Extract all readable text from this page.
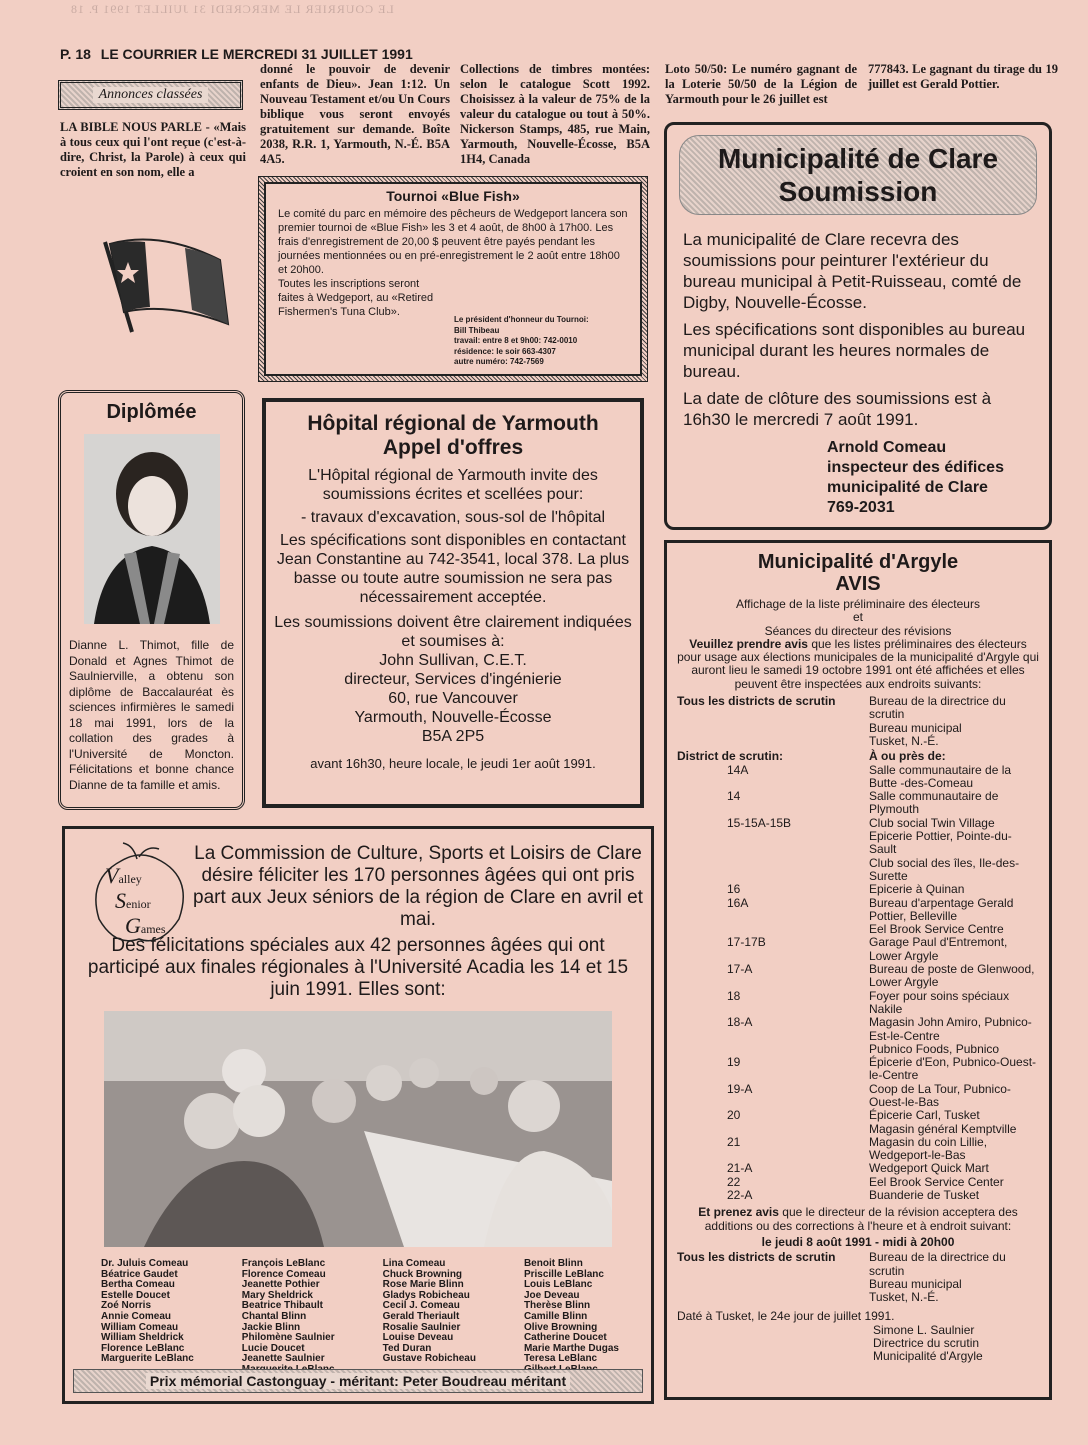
LE COURRIER LE MERCREDI 31 JUILLET 1991 P. 18
P. 18 LE COURRIER LE MERCREDI 31 JUILLET 1991
Annonces classées
LA BIBLE NOUS PARLE - «Mais à tous ceux qui l'ont reçue (c'est-à-dire, Christ, la Parole) à ceux qui croient en son nom, elle a
donné le pouvoir de devenir enfants de Dieu». Jean 1:12. Un Nouveau Testament et/ou Un Cours biblique vous seront envoyés gratuitement sur demande. Boîte 2038, R.R. 1, Yarmouth, N.-É. B5A 4A5.
Collections de timbres montées: selon le catalogue Scott 1992. Choisissez à la valeur de 75% de la valeur du catalogue ou tout à 50%. Nickerson Stamps, 485, rue Main, Yarmouth, Nouvelle-Écosse, B5A 1H4, Canada
Loto 50/50: Le numéro gagnant de la Loterie 50/50 de la Légion de Yarmouth pour le 26 juillet est
777843. Le gagnant du tirage du 19 juillet est Gerald Pottier.
Tournoi «Blue Fish»

Le comité du parc en mémoire des pêcheurs de Wedgeport lancera son premier tournoi de «Blue Fish» les 3 et 4 août, de 8h00 à 17h00. Les frais d'enregistrement de 20,00 $ peuvent être payés pendant les journées mentionnées ou en pré-enregistrement le 2 août entre 18h00 et 20h00.

Toutes les inscriptions seront faites à Wedgeport, au «Retired Fishermen's Tuna Club».

Le président d'honneur du Tournoi:
Bill Thibeau
travail: entre 8 et 9h00: 742-0010
résidence: le soir 663-4307
autre numéro: 742-7569
Municipalité de Clare
Soumission

La municipalité de Clare recevra des soumissions pour peinturer l'extérieur du bureau municipal à Petit-Ruisseau, comté de Digby, Nouvelle-Écosse.

Les spécifications sont disponibles au bureau municipal durant les heures normales de bureau.

La date de clôture des soumissions est à 16h30 le mercredi 7 août 1991.

Arnold Comeau
inspecteur des édifices
municipalité de Clare
769-2031
Diplômée

Dianne L. Thimot, fille de Donald et Agnes Thimot de Saulnierville, a obtenu son diplôme de Baccalauréat ès sciences infirmières le samedi 18 mai 1991, lors de la collation des grades à l'Université de Moncton. Félicitations et bonne chance Dianne de ta famille et amis.

Hôpital régional de Yarmouth
Appel d'offres

L'Hôpital régional de Yarmouth invite des soumissions écrites et scellées pour:

- travaux d'excavation, sous-sol de l'hôpital

Les spécifications sont disponibles en contactant Jean Constantine au 742-3541, local 378. La plus basse ou toute autre soumission ne sera pas nécessairement acceptée.

Les soumissions doivent être clairement indiquées et soumises à:

John Sullivan, C.E.T.
directeur, Services d'ingénierie
60, rue Vancouver
Yarmouth, Nouvelle-Écosse
B5A 2P5

avant 16h30, heure locale, le jeudi 1er août 1991.

Municipalité d'Argyle
AVIS
Affichage de la liste préliminaire des électeurs
et
Séances du directeur des révisions

Veuillez prendre avis que les listes préliminaires des électeurs pour usage aux élections municipales de la municipalité d'Argyle qui auront lieu le samedi 19 octobre 1991 ont été affichées et elles peuvent être inspectées aux endroits suivants:

Tous les districts de scrutin	Bureau de la directrice du scrutin
Bureau municipal
Tusket, N.-É.
District de scrutin:	À ou près de:
14A	Salle communautaire de la Butte -des-Comeau
14	Salle communautaire de Plymouth
15-15A-15B	Club social Twin Village
Epicerie Pottier, Pointe-du-Sault
Club social des îles, Ile-des-Surette
16	Epicerie à Quinan
16A	Bureau d'arpentage Gerald Pottier, Belleville
Eel Brook Service Centre
17-17B	Garage Paul d'Entremont, Lower Argyle
17-A	Bureau de poste de Glenwood, Lower Argyle
18	Foyer pour soins spéciaux Nakile
18-A	Magasin John Amiro, Pubnico-Est-le-Centre
Pubnico Foods, Pubnico
19	Épicerie d'Eon, Pubnico-Ouest-le-Centre
19-A	Coop de La Tour, Pubnico-Ouest-le-Bas
20	Épicerie Carl, Tusket
Magasin général Kemptville
21	Magasin du coin Lillie, Wedgeport-le-Bas
21-A	Wedgeport Quick Mart
22	Eel Brook Service Center
22-A	Buanderie de Tusket

Et prenez avis que le directeur de la révision acceptera des additions ou des corrections à l'heure et à endroit suivant:

le jeudi 8 août 1991 - midi à 20h00
Tous les districts de scrutin	Bureau de la directrice du scrutin
Bureau municipal
Tusket, N.-É.
Daté à Tusket, le 24e jour de juillet 1991.
Simone L. Saulnier
Directrice du scrutin
Municipalité d'Argyle
Valley
Senior
Games

La Commission de Culture, Sports et Loisirs de Clare désire féliciter les 170 personnes âgées qui ont pris part aux Jeux séniors de la région de Clare en avril et mai.

Des félicitations spéciales aux 42 personnes âgées qui ont participé aux finales régionales à l'Université Acadia les 14 et 15 juin 1991. Elles sont:

Dr. Juluis Comeau
Béatrice Gaudet
Bertha Comeau
Estelle Doucet
Zoé Norris
Annie Comeau
William Comeau
William Sheldrick
Florence LeBlanc
Marguerite LeBlanc
François LeBlanc
Florence Comeau
Jeanette Pothier
Mary Sheldrick
Beatrice Thibault
Chantal Blinn
Jackie Blinn
Philomène Saulnier
Lucie Doucet
Jeanette Saulnier
Lina Comeau
Chuck Browning
Rose Marie Blinn
Gladys Robicheau
Cecil J. Comeau
Gerald Theriault
Rosalie Saulnier
Louise Deveau
Ted Duran
Gustave Robicheau
Benoit Blinn
Priscille LeBlanc
Louis LeBlanc
Joe Deveau
Therèse Blinn
Camille Blinn
Olive Browning
Catherine Doucet
Marie Marthe Dugas
Teresa LeBlanc
Prix mémorial Castonguay - méritant: Peter Boudreau méritant
